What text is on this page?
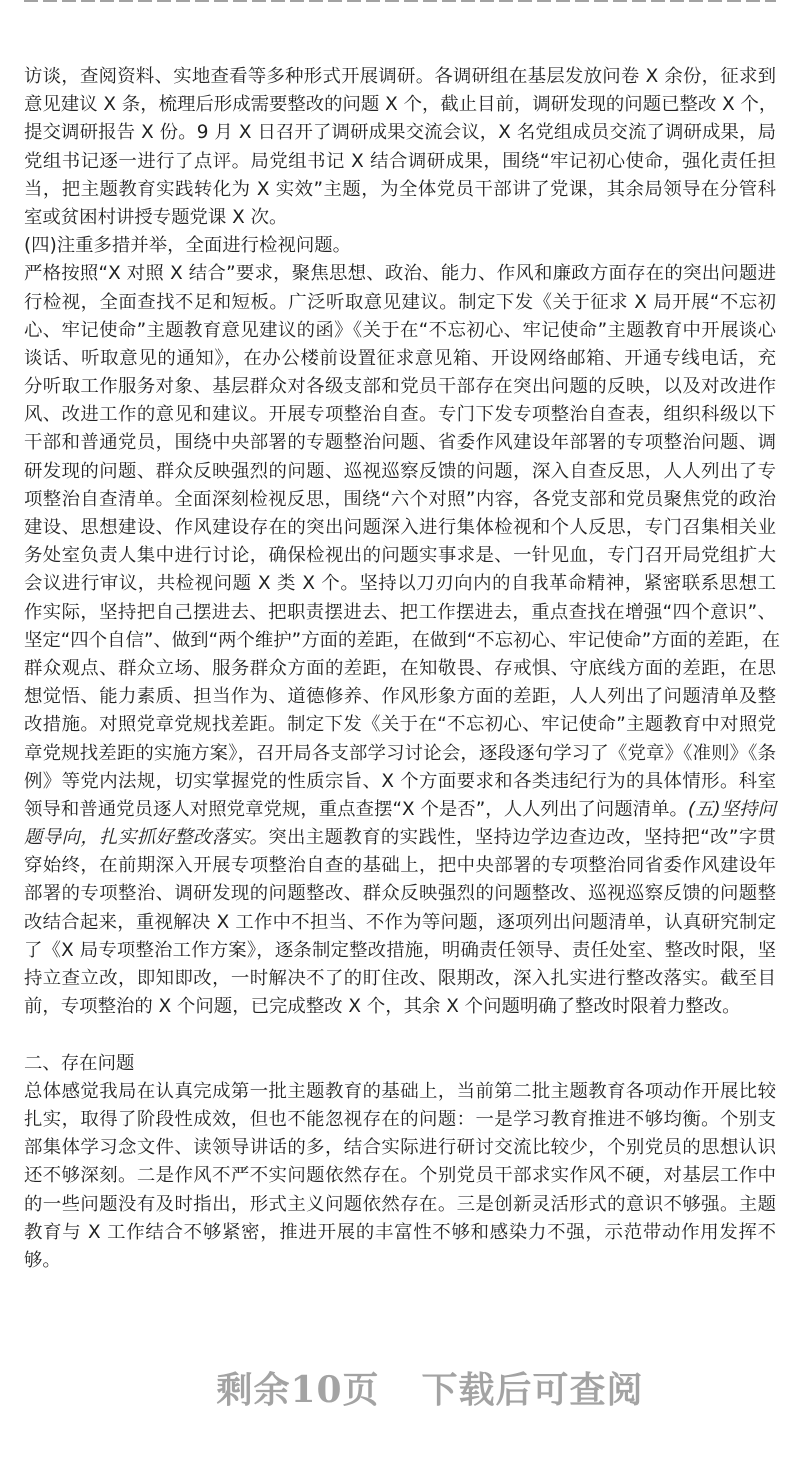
访谈，查阅资料、实地查看等多种形式开展调研。各调研组在基层发放问卷 X 余份，征求到
意见建议 X 条，梳理后形成需要整改的问题 X 个，截止目前，调研发现的问题已整改 X 个，
提交调研报告 X 份。9 月 X 日召开了调研成果交流会议，X 名党组成员交流了调研成果，局
党组书记逐一进行了点评。局党组书记 X 结合调研成果，围绕“牢记初心使命，强化责任担
当，把主题教育实践转化为 X 实效”主题，为全体党员干部讲了党课，其余局领导在分管科
室或贫困村讲授专题党课 X 次。
(四)注重多措并举，全面进行检视问题。
严格按照“X 对照 X 结合”要求，聚焦思想、政治、能力、作风和廉政方面存在的突出问题进
行检视，全面查找不足和短板。广泛听取意见建议。制定下发《关于征求 X 局开展“不忘初
心、牢记使命”主题教育意见建议的函》《关于在“不忘初心、牢记使命”主题教育中开展谈心
谈话、听取意见的通知》，在办公楼前设置征求意见箱、开设网络邮箱、开通专线电话，充
分听取工作服务对象、基层群众对各级支部和党员干部存在突出问题的反映，以及对改进作
风、改进工作的意见和建议。开展专项整治自查。专门下发专项整治自查表，组织科级以下
干部和普通党员，围绕中央部署的专题整治问题、省委作风建设年部署的专项整治问题、调
研发现的问题、群众反映强烈的问题、巡视巡察反馈的问题，深入自查反思，人人列出了专
项整治自查清单。全面深刻检视反思，围绕“六个对照”内容，各党支部和党员聚焦党的政治
建设、思想建设、作风建设存在的突出问题深入进行集体检视和个人反思，专门召集相关业
务处室负责人集中进行讨论，确保检视出的问题实事求是、一针见血，专门召开局党组扩大
会议进行审议，共检视问题 X 类 X 个。坚持以刀刃向内的自我革命精神，紧密联系思想工
作实际，坚持把自己摆进去、把职责摆进去、把工作摆进去，重点查找在增强“四个意识”、
坚定“四个自信”、做到“两个维护”方面的差距，在做到“不忘初心、牢记使命”方面的差距，在
群众观点、群众立场、服务群众方面的差距，在知敬畏、存戒惧、守底线方面的差距，在思
想觉悟、能力素质、担当作为、道德修养、作风形象方面的差距，人人列出了问题清单及整
改措施。对照党章党规找差距。制定下发《关于在“不忘初心、牢记使命”主题教育中对照党
章党规找差距的实施方案》，召开局各支部学习讨论会，逐段逐句学习了《党章》《准则》《条
例》等党内法规，切实掌握党的性质宗旨、X 个方面要求和各类违纪行为的具体情形。科室
领导和普通党员逐人对照党章党规，重点查摆“X 个是否”，人人列出了问题清单。(五)坚持问
题导向，扎实抓好整改落实。突出主题教育的实践性，坚持边学边查边改，坚持把“改”字贯
穿始终，在前期深入开展专项整治自查的基础上，把中央部署的专项整治同省委作风建设年
部署的专项整治、调研发现的问题整改、群众反映强烈的问题整改、巡视巡察反馈的问题整
改结合起来，重视解决 X 工作中不担当、不作为等问题，逐项列出问题清单，认真研究制定
了《X 局专项整治工作方案》，逐条制定整改措施，明确责任领导、责任处室、整改时限，坚
持立查立改，即知即改，一时解决不了的盯住改、限期改，深入扎实进行整改落实。截至目
前，专项整治的 X 个问题，已完成整改 X 个，其余 X 个问题明确了整改时限着力整改。
二、存在问题
总体感觉我局在认真完成第一批主题教育的基础上，当前第二批主题教育各项动作开展比较
扎实，取得了阶段性成效，但也不能忽视存在的问题：一是学习教育推进不够均衡。个别支
部集体学习念文件、读领导讲话的多，结合实际进行研讨交流比较少，个别党员的思想认识
还不够深刻。二是作风不严不实问题依然存在。个别党员干部求实作风不硬，对基层工作中
的一些问题没有及时指出，形式主义问题依然存在。三是创新灵活形式的意识不够强。主题
教育与 X 工作结合不够紧密，推进开展的丰富性不够和感染力不强，示范带动作用发挥不
够。
剩余10页 下载后可查阅
